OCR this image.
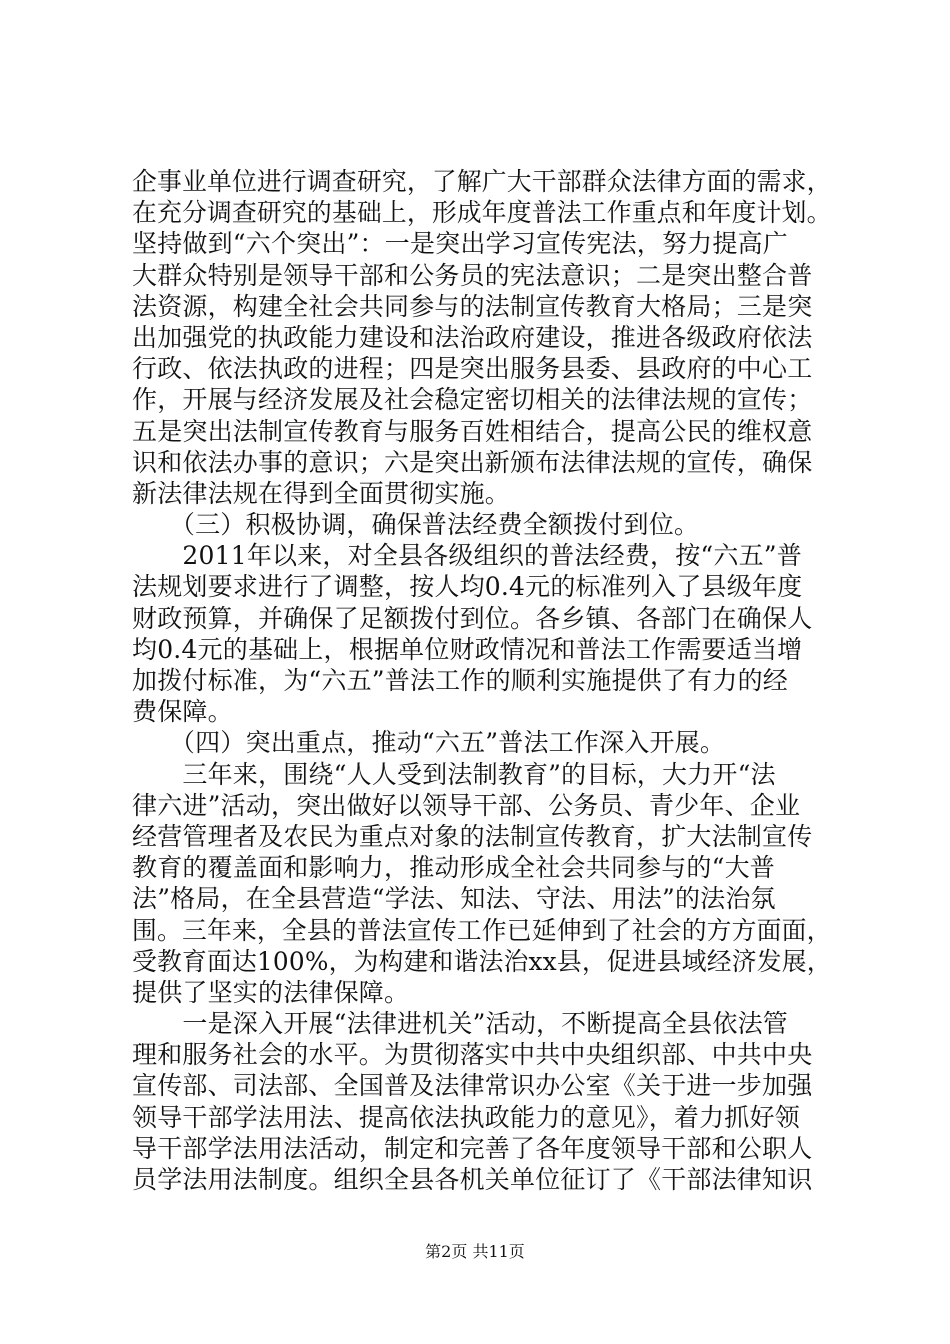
企事业单位进行调查研究，了解广大干部群众法律方面的需求，
在充分调查研究的基础上，形成年度普法工作重点和年度计划。
坚持做到“六个突出”：一是突出学习宣传宪法，努力提高广
大群众特别是领导干部和公务员的宪法意识；二是突出整合普
法资源，构建全社会共同参与的法制宣传教育大格局；三是突
出加强党的执政能力建设和法治政府建设，推进各级政府依法
行政、依法执政的进程；四是突出服务县委、县政府的中心工
作，开展与经济发展及社会稳定密切相关的法律法规的宣传；
五是突出法制宣传教育与服务百姓相结合，提高公民的维权意
识和依法办事的意识；六是突出新颁布法律法规的宣传，确保
新法律法规在得到全面贯彻实施。
　　（三）积极协调，确保普法经费全额拨付到位。
　　2011年以来，对全县各级组织的普法经费，按“六五”普
法规划要求进行了调整，按人均0.4元的标准列入了县级年度
财政预算，并确保了足额拨付到位。各乡镇、各部门在确保人
均0.4元的基础上，根据单位财政情况和普法工作需要适当增
加拨付标准，为“六五”普法工作的顺利实施提供了有力的经
费保障。
　　（四）突出重点，推动“六五”普法工作深入开展。
　　三年来，围绕“人人受到法制教育”的目标，大力开“法
律六进”活动，突出做好以领导干部、公务员、青少年、企业
经营管理者及农民为重点对象的法制宣传教育，扩大法制宣传
教育的覆盖面和影响力，推动形成全社会共同参与的“大普
法”格局，在全县营造“学法、知法、守法、用法”的法治氛
围。三年来，全县的普法宣传工作已延伸到了社会的方方面面，
受教育面达100%，为构建和谐法治xx县，促进县域经济发展，
提供了坚实的法律保障。
　　一是深入开展“法律进机关”活动，不断提高全县依法管
理和服务社会的水平。为贯彻落实中共中央组织部、中共中央
宣传部、司法部、全国普及法律常识办公室《关于进一步加强
领导干部学法用法、提高依法执政能力的意见》，着力抓好领
导干部学法用法活动，制定和完善了各年度领导干部和公职人
员学法用法制度。组织全县各机关单位征订了《干部法律知识
第2页 共11页
